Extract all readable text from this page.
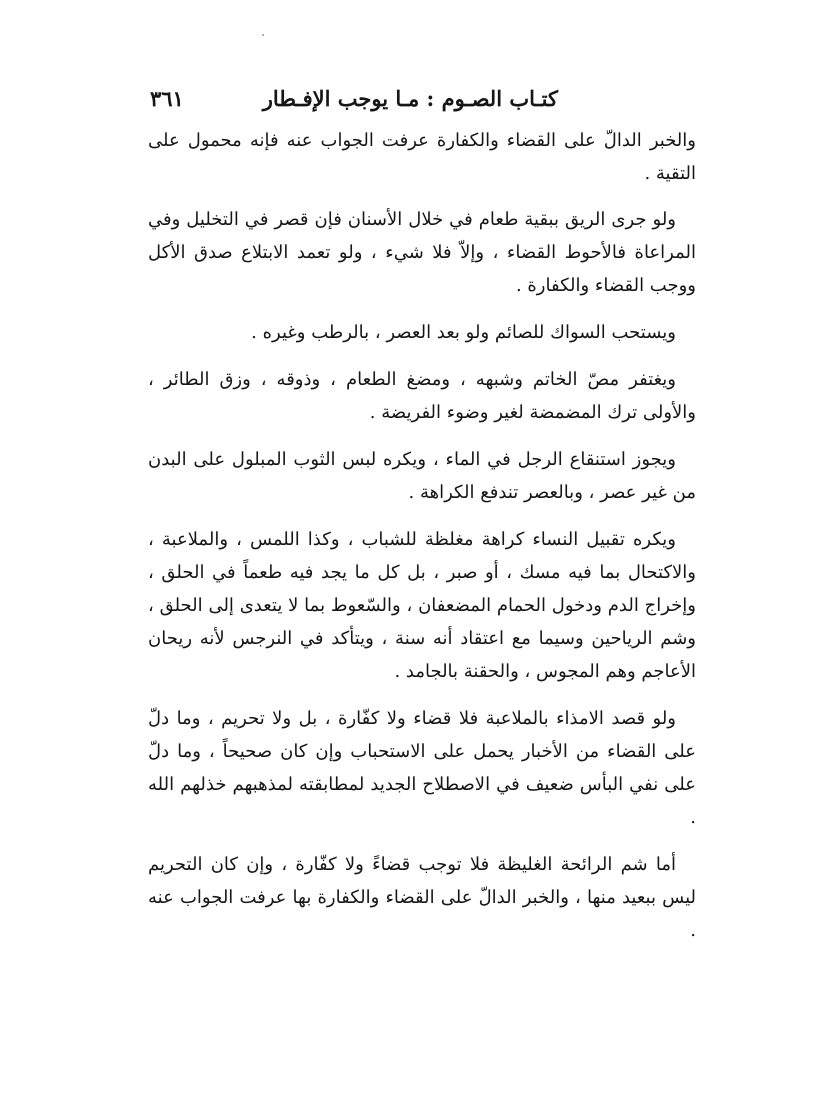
كتـاب الصـوم : مـا يوجب الإفـطار
٣٦١

والخبر الدالّ على القضاء والكفارة عرفت الجواب عنه فإنه محمول على التقية .

ولو جرى الريق ببقية طعام في خلال الأسنان فإن قصر في التخليل وفي المراعاة فالأحوط القضاء ، وإلاّ فلا شيء ، ولو تعمد الابتلاع صدق الأكل ووجب القضاء والكفارة .

ويستحب السواك للصائم ولو بعد العصر ، بالرطب وغيره .

ويغتفر مصّ الخاتم وشبهه ، ومضغ الطعام ، وذوقه ، وزق الطائر ، والأولى ترك المضمضة لغير وضوء الفريضة .

ويجوز استنقاع الرجل في الماء ، ويكره لبس الثوب المبلول على البدن من غير عصر ، وبالعصر تندفع الكراهة .

ويكره تقبيل النساء كراهة مغلظة للشباب ، وكذا اللمس ، والملاعبة ، والاكتحال بما فيه مسك ، أو صبر ، بل كل ما يجد فيه طعماً في الحلق ، وإخراج الدم ودخول الحمام المضعفان ، والسّعوط بما لا يتعدى إلى الحلق ، وشم الرياحين وسيما مع اعتقاد أنه سنة ، ويتأكد في النرجس لأنه ريحان الأعاجم وهم المجوس ، والحقنة بالجامد .

ولو قصد الامذاء بالملاعبة فلا قضاء ولا كفّارة ، بل ولا تحريم ، وما دلّ على القضاء من الأخبار يحمل على الاستحباب وإن كان صحيحاً ، وما دلّ على نفي البأس ضعيف في الاصطلاح الجديد لمطابقته لمذهبهم خذلهم الله .

أما شم الرائحة الغليظة فلا توجب قضاءً ولا كفّارة ، وإن كان التحريم ليس ببعيد منها ، والخبر الدالّ على القضاء والكفارة بها عرفت الجواب عنه .
